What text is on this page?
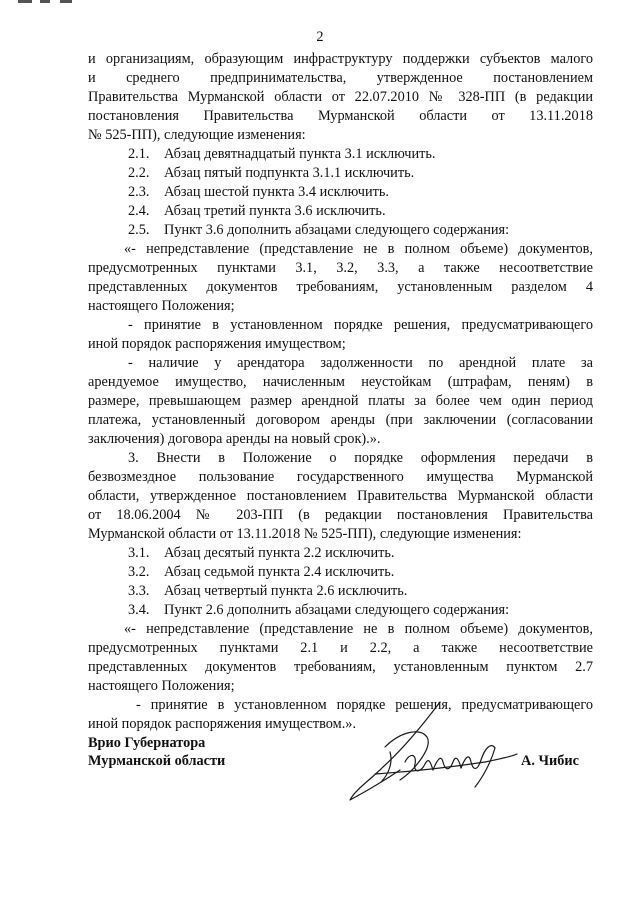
2

и организациям, образующим инфраструктуру поддержки субъектов малого

и среднего предпринимательства, утвержденное постановлением

Правительства Мурманской области от 22.07.2010 № 328-ПП (в редакции

постановления Правительства Мурманской области от 13.11.2018

№ 525-ПП), следующие изменения:

2.1. Абзац девятнадцатый пункта 3.1 исключить.

2.2. Абзац пятый подпункта 3.1.1 исключить.

2.3. Абзац шестой пункта 3.4 исключить.

2.4. Абзац третий пункта 3.6 исключить.

2.5. Пункт 3.6 дополнить абзацами следующего содержания:

«- непредставление (представление не в полном объеме) документов,

предусмотренных пунктами 3.1, 3.2, 3.3, а также несоответствие

представленных документов требованиям, установленным разделом 4

настоящего Положения;

- принятие в установленном порядке решения, предусматривающего

иной порядок распоряжения имуществом;

- наличие у арендатора задолженности по арендной плате за

арендуемое имущество, начисленным неустойкам (штрафам, пеням) в

размере, превышающем размер арендной платы за более чем один период

платежа, установленный договором аренды (при заключении (согласовании

заключения) договора аренды на новый срок).».

3. Внести в Положение о порядке оформления передачи в

безвозмездное пользование государственного имущества Мурманской

области, утвержденное постановлением Правительства Мурманской области

от 18.06.2004 № 203-ПП (в редакции постановления Правительства

Мурманской области от 13.11.2018 № 525-ПП), следующие изменения:

3.1. Абзац десятый пункта 2.2 исключить.

3.2. Абзац седьмой пункта 2.4 исключить.

3.3. Абзац четвертый пункта 2.6 исключить.

3.4. Пункт 2.6 дополнить абзацами следующего содержания:

«- непредставление (представление не в полном объеме) документов,

предусмотренных пунктами 2.1 и 2.2, а также несоответствие

представленных документов требованиям, установленным пунктом 2.7

настоящего Положения;

- принятие в установленном порядке решения, предусматривающего

иной порядок распоряжения имуществом.».

Врио Губернатора
Мурманской области	А. Чибис
